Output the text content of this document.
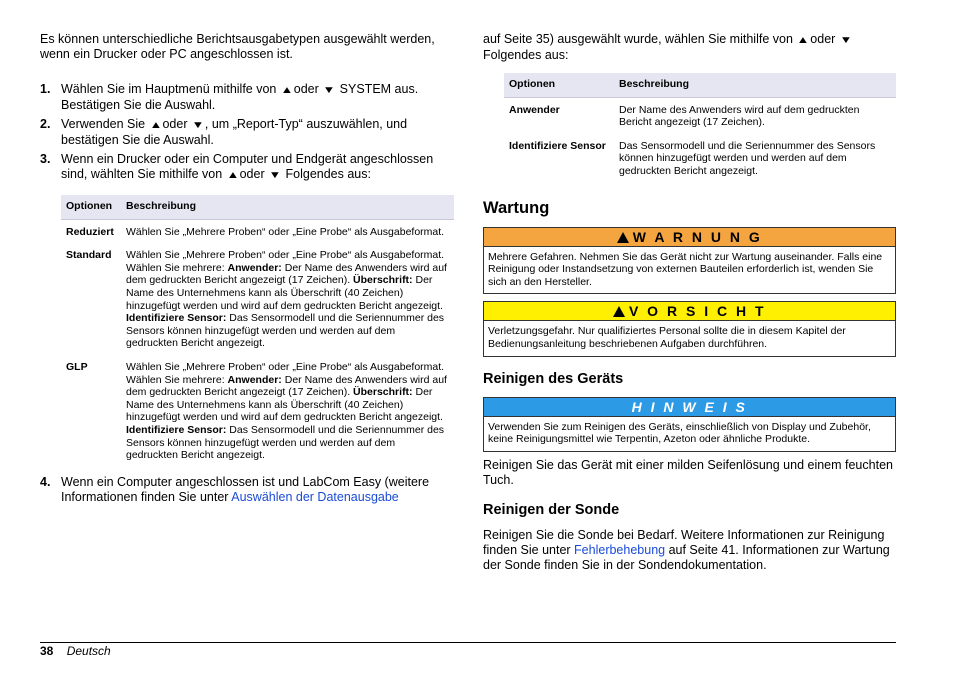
Es können unterschiedliche Berichtsausgabetypen ausgewählt werden, wenn ein Drucker oder PC angeschlossen ist.

1. Wählen Sie im Hauptmenü mithilfe von ▲oder ▼ SYSTEM aus. Bestätigen Sie die Auswahl.
2. Verwenden Sie ▲oder ▼, um „Report-Typ“ auszuwählen, und bestätigen Sie die Auswahl.
3. Wenn ein Drucker oder ein Computer und Endgerät angeschlossen sind, wählten Sie mithilfe von ▲oder ▼ Folgendes aus:
Optionen	Beschreibung
Reduziert	Wählen Sie „Mehrere Proben“ oder „Eine Probe“ als Ausgabeformat.
Standard	Wählen Sie „Mehrere Proben“ oder „Eine Probe“ als Ausgabeformat. Wählen Sie mehrere: Anwender: Der Name des Anwenders wird auf dem gedruckten Bericht angezeigt (17 Zeichen). Überschrift: Der Name des Unternehmens kann als Überschrift (40 Zeichen) hinzugefügt werden und wird auf dem gedruckten Bericht angezeigt. Identifiziere Sensor: Das Sensormodell und die Seriennummer des Sensors können hinzugefügt werden und werden auf dem gedruckten Bericht angezeigt.
GLP	Wählen Sie „Mehrere Proben“ oder „Eine Probe“ als Ausgabeformat. Wählen Sie mehrere: Anwender: Der Name des Anwenders wird auf dem gedruckten Bericht angezeigt (17 Zeichen). Überschrift: Der Name des Unternehmens kann als Überschrift (40 Zeichen) hinzugefügt werden und wird auf dem gedruckten Bericht angezeigt. Identifiziere Sensor: Das Sensormodell und die Seriennummer des Sensors können hinzugefügt werden und werden auf dem gedruckten Bericht angezeigt.
4. Wenn ein Computer angeschlossen ist und LabCom Easy (weitere Informationen finden Sie unter Auswählen der Datenausgabe

auf Seite 35) ausgewählt wurde, wählen Sie mithilfe von ▲oder ▼ Folgendes aus:

Optionen	Beschreibung
Anwender	Der Name des Anwenders wird auf dem gedruckten Bericht angezeigt (17 Zeichen).
Identifiziere Sensor	Das Sensormodell und die Seriennummer des Sensors können hinzugefügt werden und werden auf dem gedruckten Bericht angezeigt.
Wartung
W A R N U N G
Mehrere Gefahren. Nehmen Sie das Gerät nicht zur Wartung auseinander. Falls eine Reinigung oder Instandsetzung von externen Bauteilen erforderlich ist, wenden Sie sich an den Hersteller.
V O R S I C H T
Verletzungsgefahr. Nur qualifiziertes Personal sollte die in diesem Kapitel der Bedienungsanleitung beschriebenen Aufgaben durchführen.
Reinigen des Geräts
H I N W E I S
Verwenden Sie zum Reinigen des Geräts, einschließlich von Display und Zubehör, keine Reinigungsmittel wie Terpentin, Azeton oder ähnliche Produkte.

Reinigen Sie das Gerät mit einer milden Seifenlösung und einem feuchten Tuch.

Reinigen der Sonde

Reinigen Sie die Sonde bei Bedarf. Weitere Informationen zur Reinigung finden Sie unter Fehlerbehebung auf Seite 41. Informationen zur Wartung der Sonde finden Sie in der Sondendokumentation.

38 Deutsch
